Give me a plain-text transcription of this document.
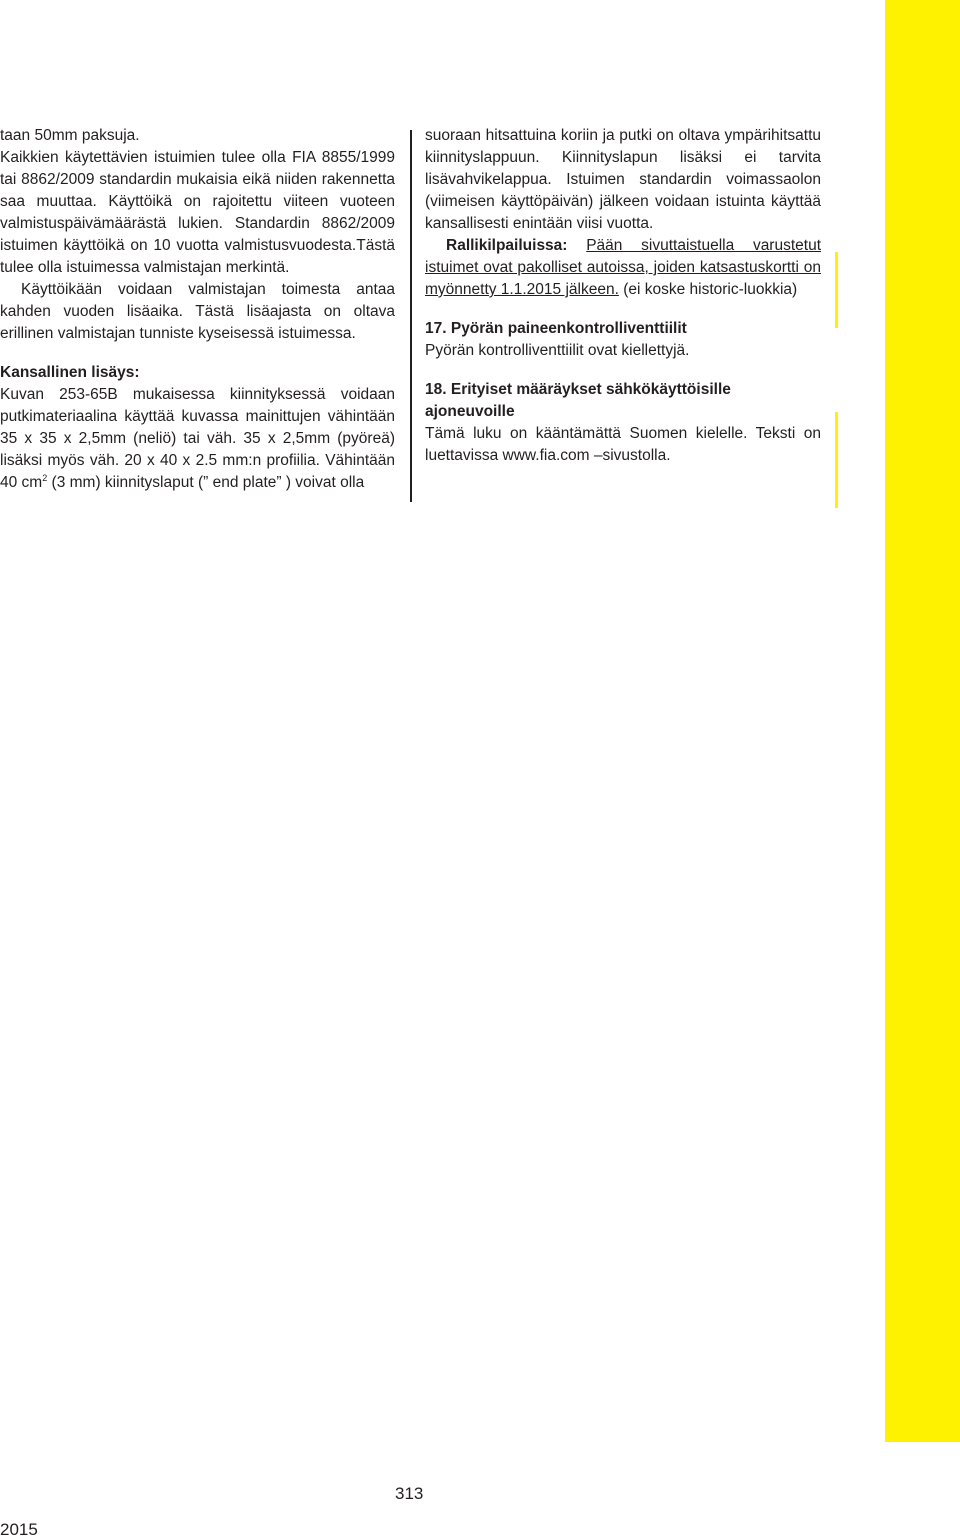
taan 50mm paksuja.

Kaikkien käytettävien istuimien tulee olla FIA 8855/1999 tai 8862/2009 standardin mukaisia eikä niiden rakennetta saa muuttaa. Käyttöikä on rajoitettu viiteen vuoteen valmistuspäivämäärästä lukien. Standardin 8862/2009 istuimen käyttöikä on 10 vuotta valmistusvuodesta.Tästä tulee olla istuimessa valmistajan merkintä.

Käyttöikään voidaan valmistajan toimesta antaa kahden vuoden lisäaika. Tästä lisäajasta on oltava erillinen valmistajan tunniste kyseisessä istuimessa.

Kansallinen lisäys:

Kuvan 253-65B mukaisessa kiinnityksessä voidaan putkimateriaalina käyttää kuvassa mainittujen vähintään 35 x 35 x 2,5mm (neliö) tai väh. 35 x 2,5mm (pyöreä) lisäksi myös väh. 20 x 40 x 2.5 mm:n profiilia. Vähintään 40 $cm^2$ (3 mm) kiinnityslaput (” end plate” ) voivat olla

suoraan hitsattuina koriin ja putki on oltava ympärihitsattu kiinnityslappuun. Kiinnityslapun lisäksi ei tarvita lisävahvikelappua. Istuimen standardin voimassaolon (viimeisen käyttöpäivän) jälkeen voidaan istuinta käyttää kansallisesti enintään viisi vuotta.

Rallikilpailuissa: Pään sivuttaistuella varustetut istuimet ovat pakolliset autoissa, joiden katsastuskortti on myönnetty 1.1.2015 jälkeen. (ei koske historic-luokkia)

17. Pyörän paineenkontrolliventtiilit

Pyörän kontrolliventtiilit ovat kiellettyjä.

18. Erityiset määräykset sähkökäyttöisille ajoneuvoille

Tämä luku on kääntämättä Suomen kielelle. Teksti on luettavissa www.fia.com –sivustolla.

313
2015
